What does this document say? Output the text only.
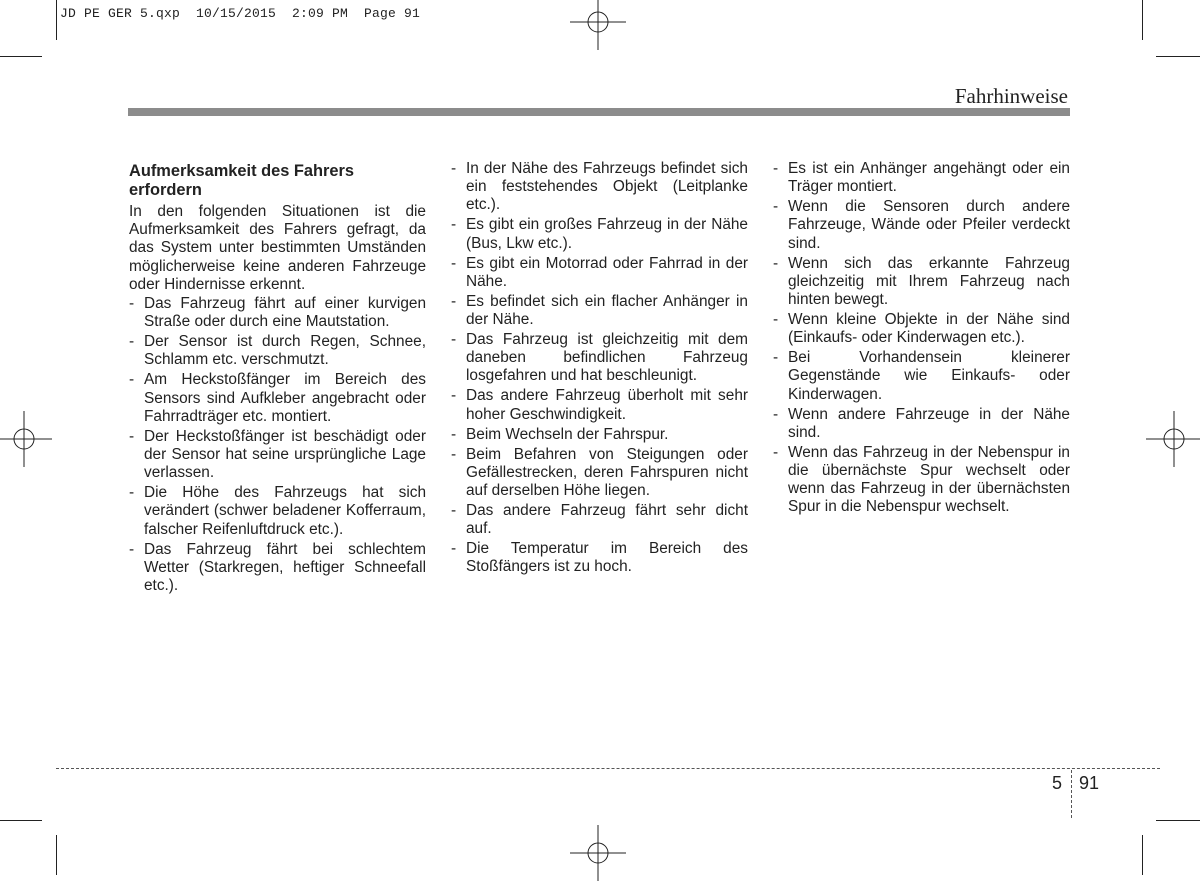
JD PE GER 5.qxp  10/15/2015  2:09 PM  Page 91
Fahrhinweise
Aufmerksamkeit des Fahrers erfordern

In den folgenden Situationen ist die Aufmerksamkeit des Fahrers gefragt, da das System unter bestimmten Umständen möglicherweise keine anderen Fahrzeuge oder Hindernisse erkennt.

- Das Fahrzeug fährt auf einer kurvigen Straße oder durch eine Mautstation.
- Der Sensor ist durch Regen, Schnee, Schlamm etc. verschmutzt.
- Am Heckstoßfänger im Bereich des Sensors sind Aufkleber angebracht oder Fahrradträger etc. montiert.
- Der Heckstoßfänger ist beschädigt oder der Sensor hat seine ursprüngliche Lage verlassen.
- Die Höhe des Fahrzeugs hat sich verändert (schwer beladener Kofferraum, falscher Reifenluftdruck etc.).
- Das Fahrzeug fährt bei schlechtem Wetter (Starkregen, heftiger Schneefall etc.).
- In der Nähe des Fahrzeugs befindet sich ein feststehendes Objekt (Leitplanke etc.).
- Es gibt ein großes Fahrzeug in der Nähe (Bus, Lkw etc.).
- Es gibt ein Motorrad oder Fahrrad in der Nähe.
- Es befindet sich ein flacher Anhänger in der Nähe.
- Das Fahrzeug ist gleichzeitig mit dem daneben befindlichen Fahrzeug losgefahren und hat beschleunigt.
- Das andere Fahrzeug überholt mit sehr hoher Geschwindigkeit.
- Beim Wechseln der Fahrspur.
- Beim Befahren von Steigungen oder Gefällestrecken, deren Fahrspuren nicht auf derselben Höhe liegen.
- Das andere Fahrzeug fährt sehr dicht auf.
- Die Temperatur im Bereich des Stoßfängers ist zu hoch.
- Es ist ein Anhänger angehängt oder ein Träger montiert.
- Wenn die Sensoren durch andere Fahrzeuge, Wände oder Pfeiler verdeckt sind.
- Wenn sich das erkannte Fahrzeug gleichzeitig mit Ihrem Fahrzeug nach hinten bewegt.
- Wenn kleine Objekte in der Nähe sind (Einkaufs- oder Kinderwagen etc.).
- Bei Vorhandensein kleinerer Gegenstände wie Einkaufs- oder Kinderwagen.
- Wenn andere Fahrzeuge in der Nähe sind.
- Wenn das Fahrzeug in der Nebenspur in die übernächste Spur wechselt oder wenn das Fahrzeug in der übernächsten Spur in die Nebenspur wechselt.
5 91
